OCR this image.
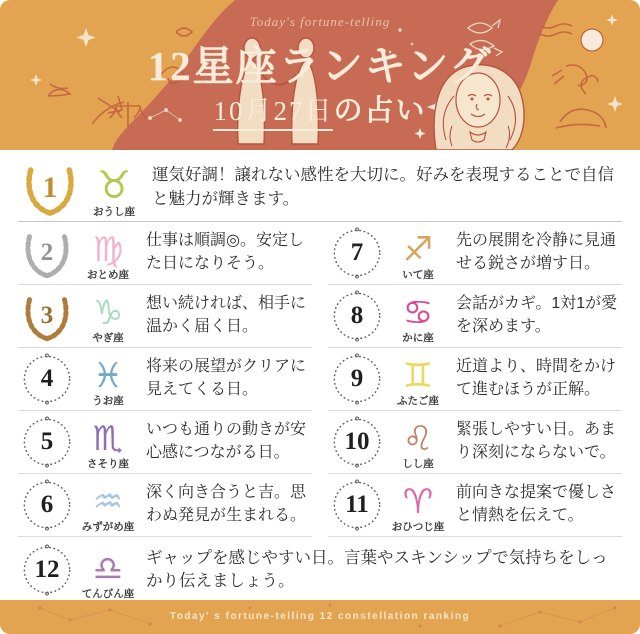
Today's fortune-telling
12星座ランキング
10月27日の占い
1	♉
おうし座

運気好調！譲れない感性を大切に。好みを表現することで自信と魅力が輝きます。

2	♍
おとめ座

仕事は順調◎。安定した日になりそう。

3	♑
やぎ座

想い続ければ、相手に温かく届く日。

4	♓
うお座

将来の展望がクリアに見えてくる日。

5	♏
さそり座

いつも通りの動きが安心感につながる日。

6	♒
みずがめ座

深く向き合うと吉。思わぬ発見が生まれる。

7	♐
いて座

先の展開を冷静に見通せる鋭さが増す日。

8	♋
かに座

会話がカギ。1対1が愛を深めます。

9	♊
ふたご座

近道より、時間をかけて進むほうが正解。

10 ♌
しし座

緊張しやすい日。あまり深刻にならないで。

11 ♈
おひつじ座

前向きな提案で優しさと情熱を伝えて。

12 ♎
てんびん座

ギャップを感じやすい日。言葉やスキンシップで気持ちをしっかり伝えましょう。

Today' s fortune-telling 12 constellation ranking
